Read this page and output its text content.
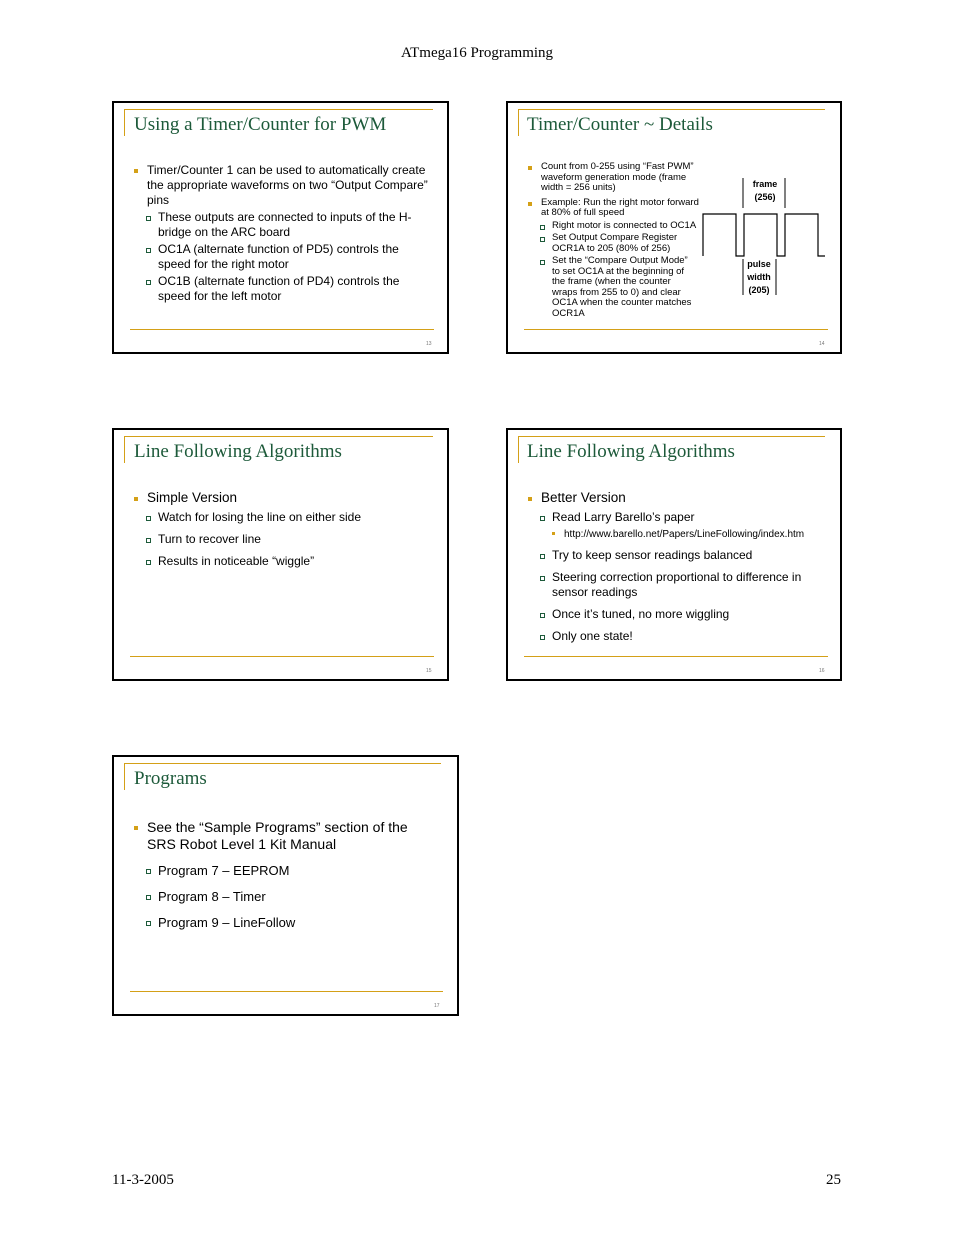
ATmega16 Programming
Using a Timer/Counter for PWM
Timer/Counter 1 can be used to automatically create the appropriate waveforms on two “Output Compare” pins
These outputs are connected to inputs of the H-bridge on the ARC board
OC1A (alternate function of PD5) controls the speed for the right motor
OC1B (alternate function of PD4) controls the speed for the left motor
13
Timer/Counter ~ Details
Count from 0-255 using “Fast PWM” waveform generation mode (frame width = 256 units)
Example: Run the right motor forward at 80% of full speed
Right motor is connected to OC1A
Set Output Compare Register OCR1A to 205 (80% of 256)
Set the “Compare Output Mode” to set OC1A at the beginning of the frame (when the counter wraps from 255 to 0) and clear OC1A when the counter matches OCR1A
frame
(256)
pulse
width
(205)
14
Line Following Algorithms
Simple Version
Watch for losing the line on either side
Turn to recover line
Results in noticeable “wiggle”
15
Line Following Algorithms
Better Version
Read Larry Barello’s paper
http://www.barello.net/Papers/LineFollowing/index.htm
Try to keep sensor readings balanced
Steering correction proportional to difference in sensor readings
Once it’s tuned, no more wiggling
Only one state!
16
Programs
See the “Sample Programs” section of the SRS Robot Level 1 Kit Manual
Program 7 – EEPROM
Program 8 – Timer
Program 9 – LineFollow
17
11-3-2005	25
